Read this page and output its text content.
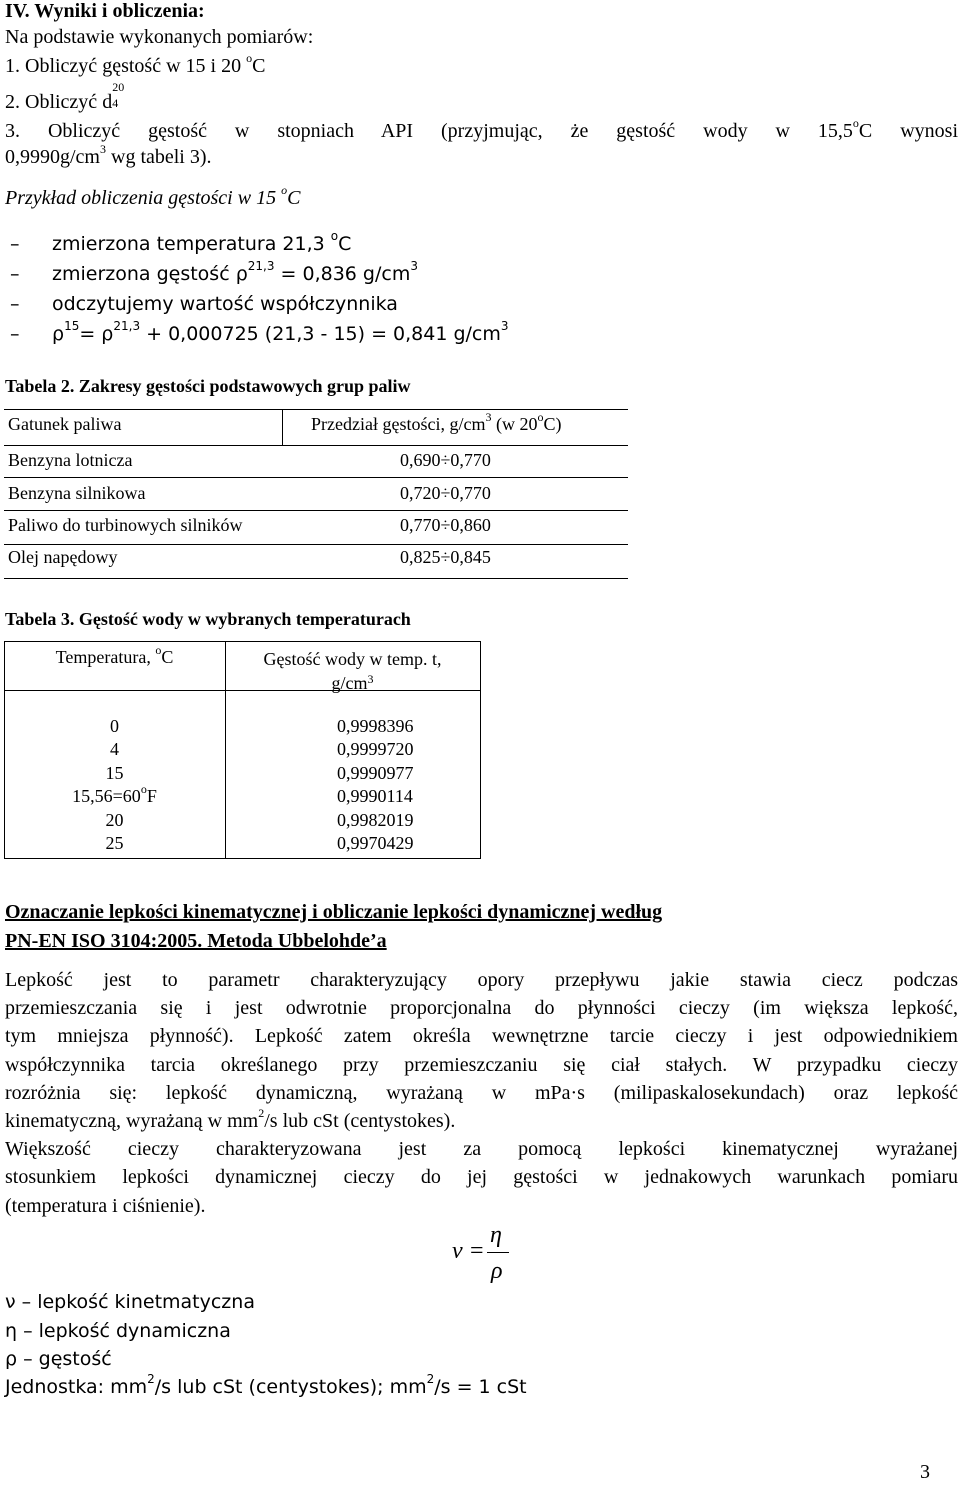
IV. Wyniki i obliczenia:
Na podstawie wykonanych pomiarów:
1. Obliczyć gęstość w 15 i 20 $^o$C
2. Obliczyć d
20
4
3. Obliczyć gęstość w stopniach API (przyjmując, że gęstość wody w 15,5$^o$C wynosi
$0,9990g/cm^3$ wg tabeli 3).
Przykład obliczenia gęstości w 15 $^o$C
– zmierzona temperatura 21,3 $^o$C
– zmierzona gęstość $\rho^{21,3} = 0,836$ $g/cm^3$
– odczytujemy wartość współczynnika
– $\rho^{15}= \rho^{21,3} + 0,000725$ (21,3 - 15) = 0,841 $g/cm^3$
Tabela 2. Zakresy gęstości podstawowych grup paliw
Gatunek paliwa	Przedział gęstości, $g/cm^3$ (w 20$^o$C)
Benzyna lotnicza	0,690÷0,770
Benzyna silnikowa	0,720÷0,770
Paliwo do turbinowych silników	0,770÷0,860
Olej napędowy	0,825÷0,845
Tabela 3. Gęstość wody w wybranych temperaturach
Temperatura, $^o$C	Gęstość wody w temp. t,
$g/cm^3$
0	0,9998396
4	0,9999720
15	0,9990977
$15,56=60^oF$	0,9990114
20	0,9982019
25	0,9970429
Oznaczanie lepkości kinematycznej i obliczanie lepkości dynamicznej według
PN-EN ISO 3104:2005. Metoda Ubbelohde’a
Lepkość jest to parametr charakteryzujący opory przepływu jakie stawia ciecz podczas
przemieszczania się i jest odwrotnie proporcjonalna do płynności cieczy (im większa lepkość,
tym mniejsza płynność). Lepkość zatem określa wewnętrzne tarcie cieczy i jest odpowiednikiem
współczynnika tarcia określanego przy przemieszczaniu się ciał stałych. W przypadku cieczy
rozróżnia się: lepkość dynamiczną, wyrażaną w mPa·s (milipaskalosekundach) oraz lepkość
kinematyczną, wyrażaną w $mm^2/s$ lub cSt (centystokes).
Większość cieczy charakteryzowana jest za pomocą lepkości kinematycznej wyrażanej
stosunkiem lepkości dynamicznej cieczy do jej gęstości w jednakowych warunkach pomiaru
(temperatura i ciśnienie).
ν =
η
ρ
ν – lepkość kinetmatyczna
η – lepkość dynamiczna
ρ – gęstość
Jednostka: $mm^2/s$ lub cSt (centystokes); $mm^2/s = 1$ cSt
3
